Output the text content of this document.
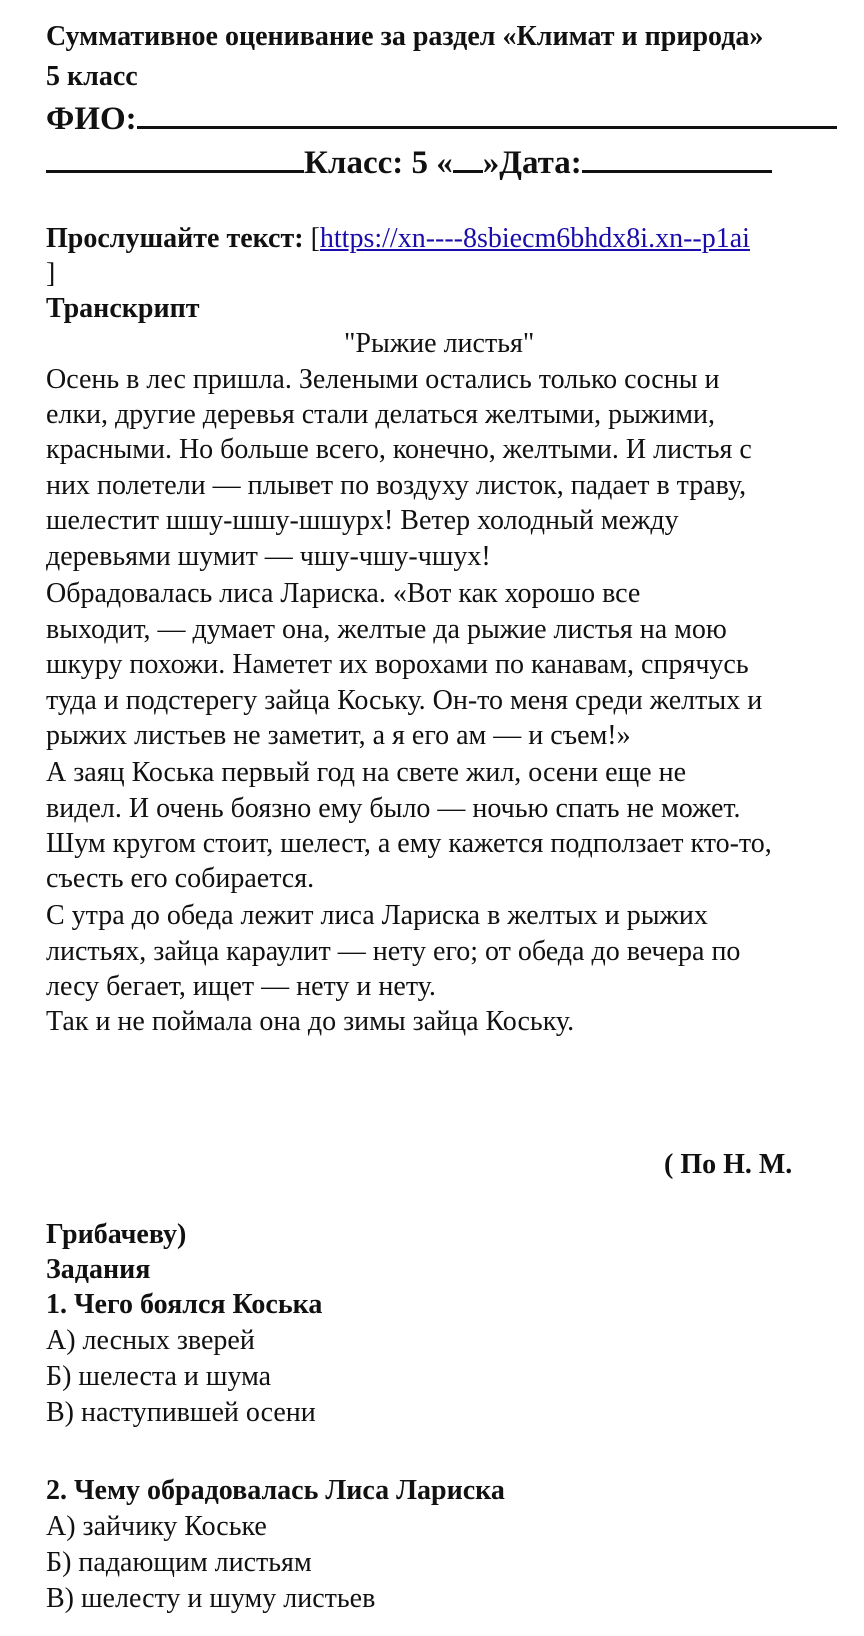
Суммативное оценивание за раздел «Климат и природа»
5 класс
ФИО:
Класс: 5 « »Дата:
Прослушайте текст: [https://xn----8sbiecm6bhdx8i.xn--p1ai
]
Транскрипт
"Рыжие листья"
Осень в лес пришла. Зелеными остались только сосны и
елки, другие деревья стали делаться желтыми, рыжими,
красными. Но больше всего, конечно, желтыми. И листья с
них полетели — плывет по воздуху листок, падает в траву,
шелестит шшу-шшу-шшурх! Ветер холодный между
деревьями шумит — чшу-чшу-чшух!
Обрадовалась лиса Лариска. «Вот как хорошо все
выходит, — думает она, желтые да рыжие листья на мою
шкуру похожи. Наметет их ворохами по канавам, спрячусь
туда и подстерегу зайца Коську. Он-то меня среди желтых и
рыжих листьев не заметит, а я его ам — и съем!»
А заяц Коська первый год на свете жил, осени еще не
видел. И очень боязно ему было — ночью спать не может.
Шум кругом стоит, шелест, а ему кажется подползает кто-то,
съесть его собирается.
С утра до обеда лежит лиса Лариска в желтых и рыжих
листьях, зайца караулит — нету его; от обеда до вечера по
лесу бегает, ищет — нету и нету.
Так и не поймала она до зимы зайца Коську.
( По Н. М.
Грибачеву)
Задания
1. Чего боялся Коська
А) лесных зверей
Б) шелеста и шума
В) наступившей осени
2. Чему обрадовалась Лиса Лариска
А) зайчику Коське
Б) падающим листьям
В) шелесту и шуму листьев
